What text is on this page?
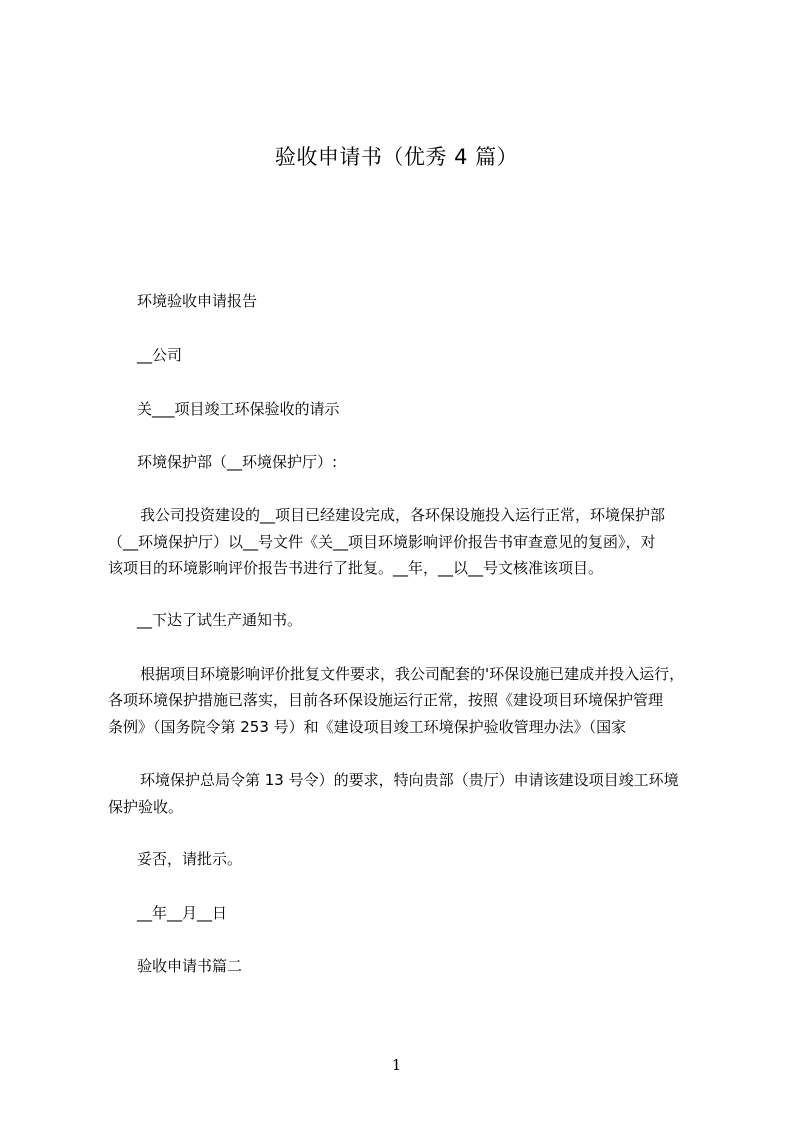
验收申请书（优秀 4 篇）
环境验收申请报告
__公司
关___项目竣工环保验收的请示
环境保护部（__环境保护厅）:
我公司投资建设的__项目已经建设完成，各环保设施投入运行正常，环境保护部
（__环境保护厅）以__号文件《关__项目环境影响评价报告书审查意见的复函》，对
该项目的环境影响评价报告书进行了批复。__年，__以__号文核准该项目。
__下达了试生产通知书。
根据项目环境影响评价批复文件要求，我公司配套的'环保设施已建成并投入运行，
各项环境保护措施已落实，目前各环保设施运行正常，按照《建设项目环境保护管理
条例》（国务院令第 253 号）和《建设项目竣工环境保护验收管理办法》（国家
环境保护总局令第 13 号令）的要求，特向贵部（贵厅）申请该建设项目竣工环境
保护验收。
妥否，请批示。
__年__月__日
验收申请书篇二
1
